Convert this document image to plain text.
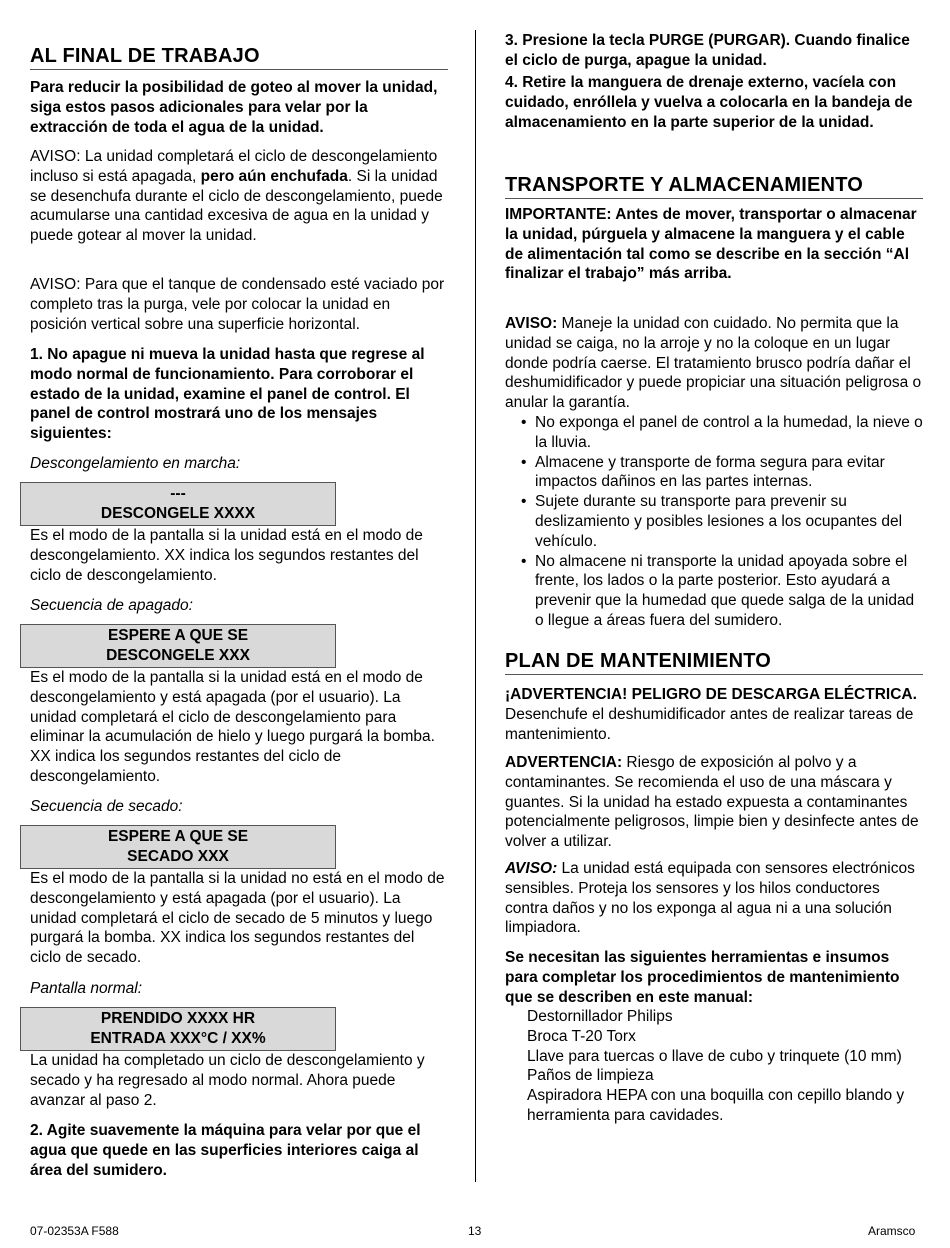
AL FINAL DE TRABAJO

Para reducir la posibilidad de goteo al mover la unidad, siga estos pasos adicionales para velar por la extracción de toda el agua de la unidad.

AVISO: La unidad completará el ciclo de descongelamiento incluso si está apagada, pero aún enchufada. Si la unidad se desenchufa durante el ciclo de descongelamiento, puede acumularse una cantidad excesiva de agua en la unidad y puede gotear al mover la unidad.

AVISO: Para que el tanque de condensado esté vaciado por completo tras la purga, vele por colocar la unidad en posición vertical sobre una superficie horizontal.

1. No apague ni mueva la unidad hasta que regrese al modo normal de funcionamiento. Para corroborar el estado de la unidad, examine el panel de control. El panel de control mostrará uno de los mensajes siguientes:

Descongelamiento en marcha:

---
DESCONGELE XXXX

Es el modo de la pantalla si la unidad está en el modo de descongelamiento. XX indica los segundos restantes del ciclo de descongelamiento.

Secuencia de apagado:

ESPERE A QUE SE
DESCONGELE XXX

Es el modo de la pantalla si la unidad está en el modo de descongelamiento y está apagada (por el usuario). La unidad completará el ciclo de descongelamiento para eliminar la acumulación de hielo y luego purgará la bomba. XX indica los segundos restantes del ciclo de descongelamiento.

Secuencia de secado:

ESPERE A QUE SE
SECADO XXX

Es el modo de la pantalla si la unidad no está en el modo de descongelamiento y está apagada (por el usuario). La unidad completará el ciclo de secado de 5 minutos y luego purgará la bomba. XX indica los segundos restantes del ciclo de secado.

Pantalla normal:

PRENDIDO XXXX HR
ENTRADA XXX°C / XX%

La unidad ha completado un ciclo de descongelamiento y secado y ha regresado al modo normal. Ahora puede avanzar al paso 2.

2. Agite suavemente la máquina para velar por que el agua que quede en las superficies interiores caiga al área del sumidero.

3. Presione la tecla PURGE (PURGAR). Cuando finalice el ciclo de purga, apague la unidad.

4. Retire la manguera de drenaje externo, vacíela con cuidado, enróllela y vuelva a colocarla en la bandeja de almacenamiento en la parte superior de la unidad.

TRANSPORTE Y ALMACENAMIENTO

IMPORTANTE: Antes de mover, transportar o almacenar la unidad, púrguela y almacene la manguera y el cable de alimentación tal como se describe en la sección “Al finalizar el trabajo” más arriba.

AVISO: Maneje la unidad con cuidado. No permita que la unidad se caiga, no la arroje y no la coloque en un lugar donde podría caerse. El tratamiento brusco podría dañar el deshumidificador y puede propiciar una situación peligrosa o anular la garantía.

• No exponga el panel de control a la humedad, la nieve o la lluvia.
• Almacene y transporte de forma segura para evitar impactos dañinos en las partes internas.
• Sujete durante su transporte para prevenir su deslizamiento y posibles lesiones a los ocupantes del vehículo.
• No almacene ni transporte la unidad apoyada sobre el frente, los lados o la parte posterior. Esto ayudará a prevenir que la humedad que quede salga de la unidad o llegue a áreas fuera del sumidero.
PLAN DE MANTENIMIENTO

¡ADVERTENCIA! PELIGRO DE DESCARGA ELÉCTRICA. Desenchufe el deshumidificador antes de realizar tareas de mantenimiento.

ADVERTENCIA: Riesgo de exposición al polvo y a contaminantes. Se recomienda el uso de una máscara y guantes. Si la unidad ha estado expuesta a contaminantes potencialmente peligrosos, limpie bien y desinfecte antes de volver a utilizar.

AVISO: La unidad está equipada con sensores electrónicos sensibles. Proteja los sensores y los hilos conductores contra daños y no los exponga al agua ni a una solución limpiadora.

Se necesitan las siguientes herramientas e insumos para completar los procedimientos de mantenimiento que se describen en este manual:

Destornillador Philips

Broca T-20 Torx

Llave para tuercas o llave de cubo y trinquete (10 mm)

Paños de limpieza

Aspiradora HEPA con una boquilla con cepillo blando y herramienta para cavidades.

07-02353A F588	13	Aramsco
